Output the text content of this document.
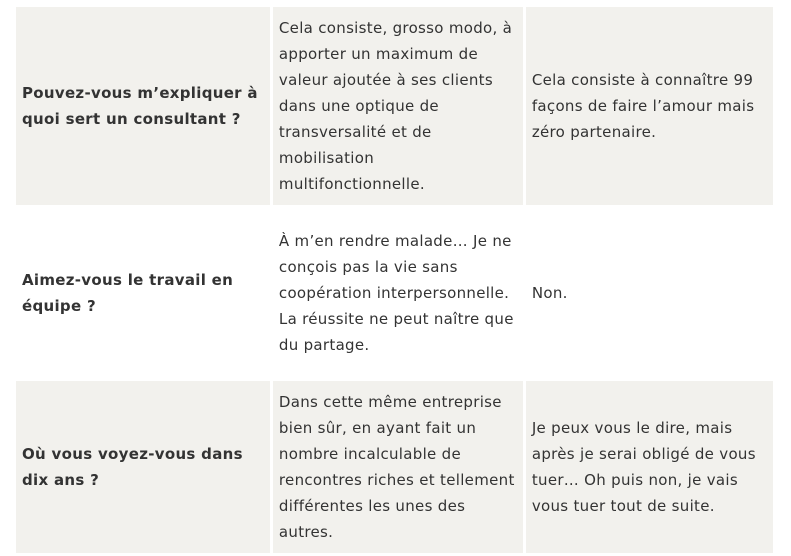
Pouvez-vous m’expliquer à quoi sert un consultant ?	Cela consiste, grosso modo, à apporter un maximum de valeur ajoutée à ses clients dans une optique de transversalité et de mobilisation multifonctionnelle.	Cela consiste à connaître 99 façons de faire l’amour mais zéro partenaire.
Aimez-vous le travail en équipe ?	À m’en rendre malade… Je ne conçois pas la vie sans coopération interpersonnelle. La réussite ne peut naître que du partage.	Non.
Où vous voyez-vous dans dix ans ?	Dans cette même entreprise bien sûr, en ayant fait un nombre incalculable de rencontres riches et tellement différentes les unes des autres.	Je peux vous le dire, mais après je serai obligé de vous tuer… Oh puis non, je vais vous tuer tout de suite.
